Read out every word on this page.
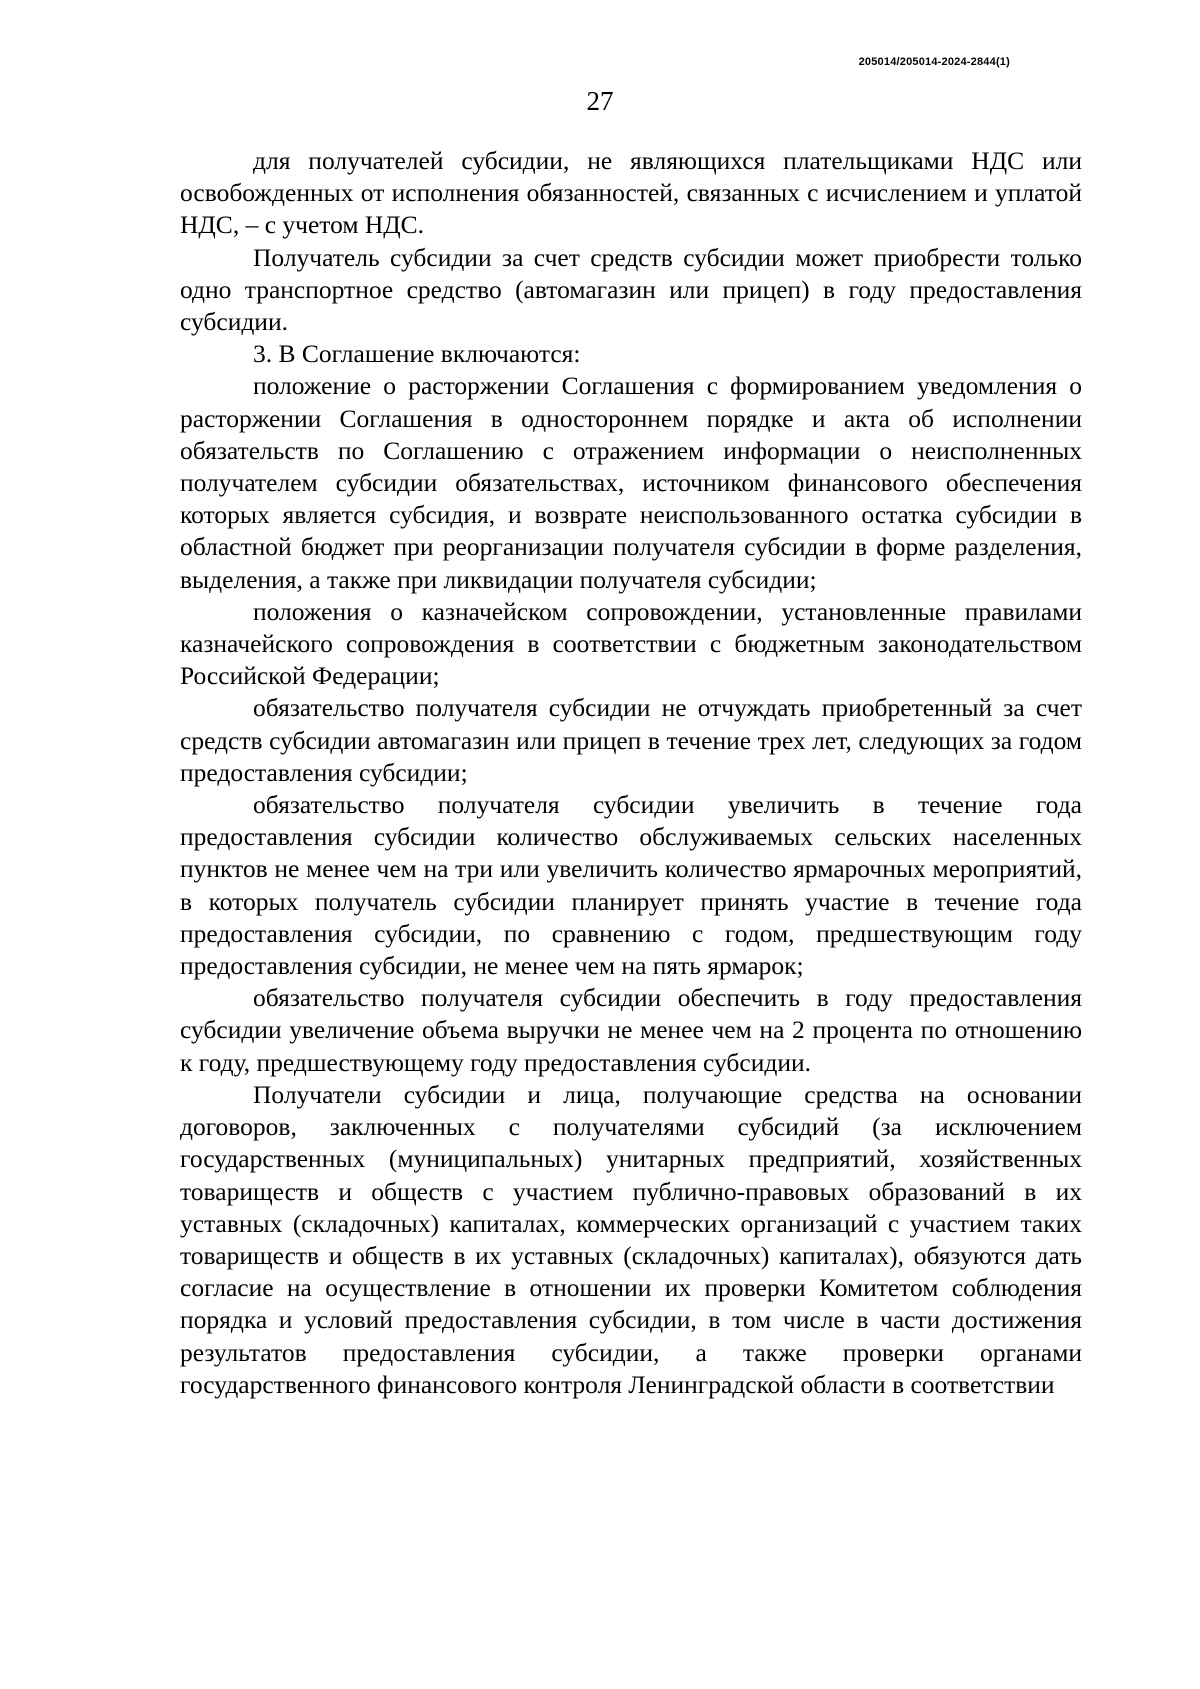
205014/205014-2024-2844(1)
27

для получателей субсидии, не являющихся плательщиками НДС или освобожденных от исполнения обязанностей, связанных с исчислением и уплатой НДС, – с учетом НДС.

Получатель субсидии за счет средств субсидии может приобрести только одно транспортное средство (автомагазин или прицеп) в году предоставления субсидии.

3. В Соглашение включаются:

положение о расторжении Соглашения с формированием уведомления о расторжении Соглашения в одностороннем порядке и акта об исполнении обязательств по Соглашению с отражением информации о неисполненных получателем субсидии обязательствах, источником финансового обеспечения которых является субсидия, и возврате неиспользованного остатка субсидии в областной бюджет при реорганизации получателя субсидии в форме разделения, выделения, а также при ликвидации получателя субсидии;

положения о казначейском сопровождении, установленные правилами казначейского сопровождения в соответствии с бюджетным законодательством Российской Федерации;

обязательство получателя субсидии не отчуждать приобретенный за счет средств субсидии автомагазин или прицеп в течение трех лет, следующих за годом предоставления субсидии;

обязательство получателя субсидии увеличить в течение года предоставления субсидии количество обслуживаемых сельских населенных пунктов не менее чем на три или увеличить количество ярмарочных мероприятий, в которых получатель субсидии планирует принять участие в течение года предоставления субсидии, по сравнению с годом, предшествующим году предоставления субсидии, не менее чем на пять ярмарок;

обязательство получателя субсидии обеспечить в году предоставления субсидии увеличение объема выручки не менее чем на 2 процента по отношению к году, предшествующему году предоставления субсидии.

Получатели субсидии и лица, получающие средства на основании договоров, заключенных с получателями субсидий (за исключением государственных (муниципальных) унитарных предприятий, хозяйственных товариществ и обществ с участием публично-правовых образований в их уставных (складочных) капиталах, коммерческих организаций с участием таких товариществ и обществ в их уставных (складочных) капиталах), обязуются дать согласие на осуществление в отношении их проверки Комитетом соблюдения порядка и условий предоставления субсидии, в том числе в части достижения результатов предоставления субсидии, а также проверки органами государственного финансового контроля Ленинградской области в соответствии
